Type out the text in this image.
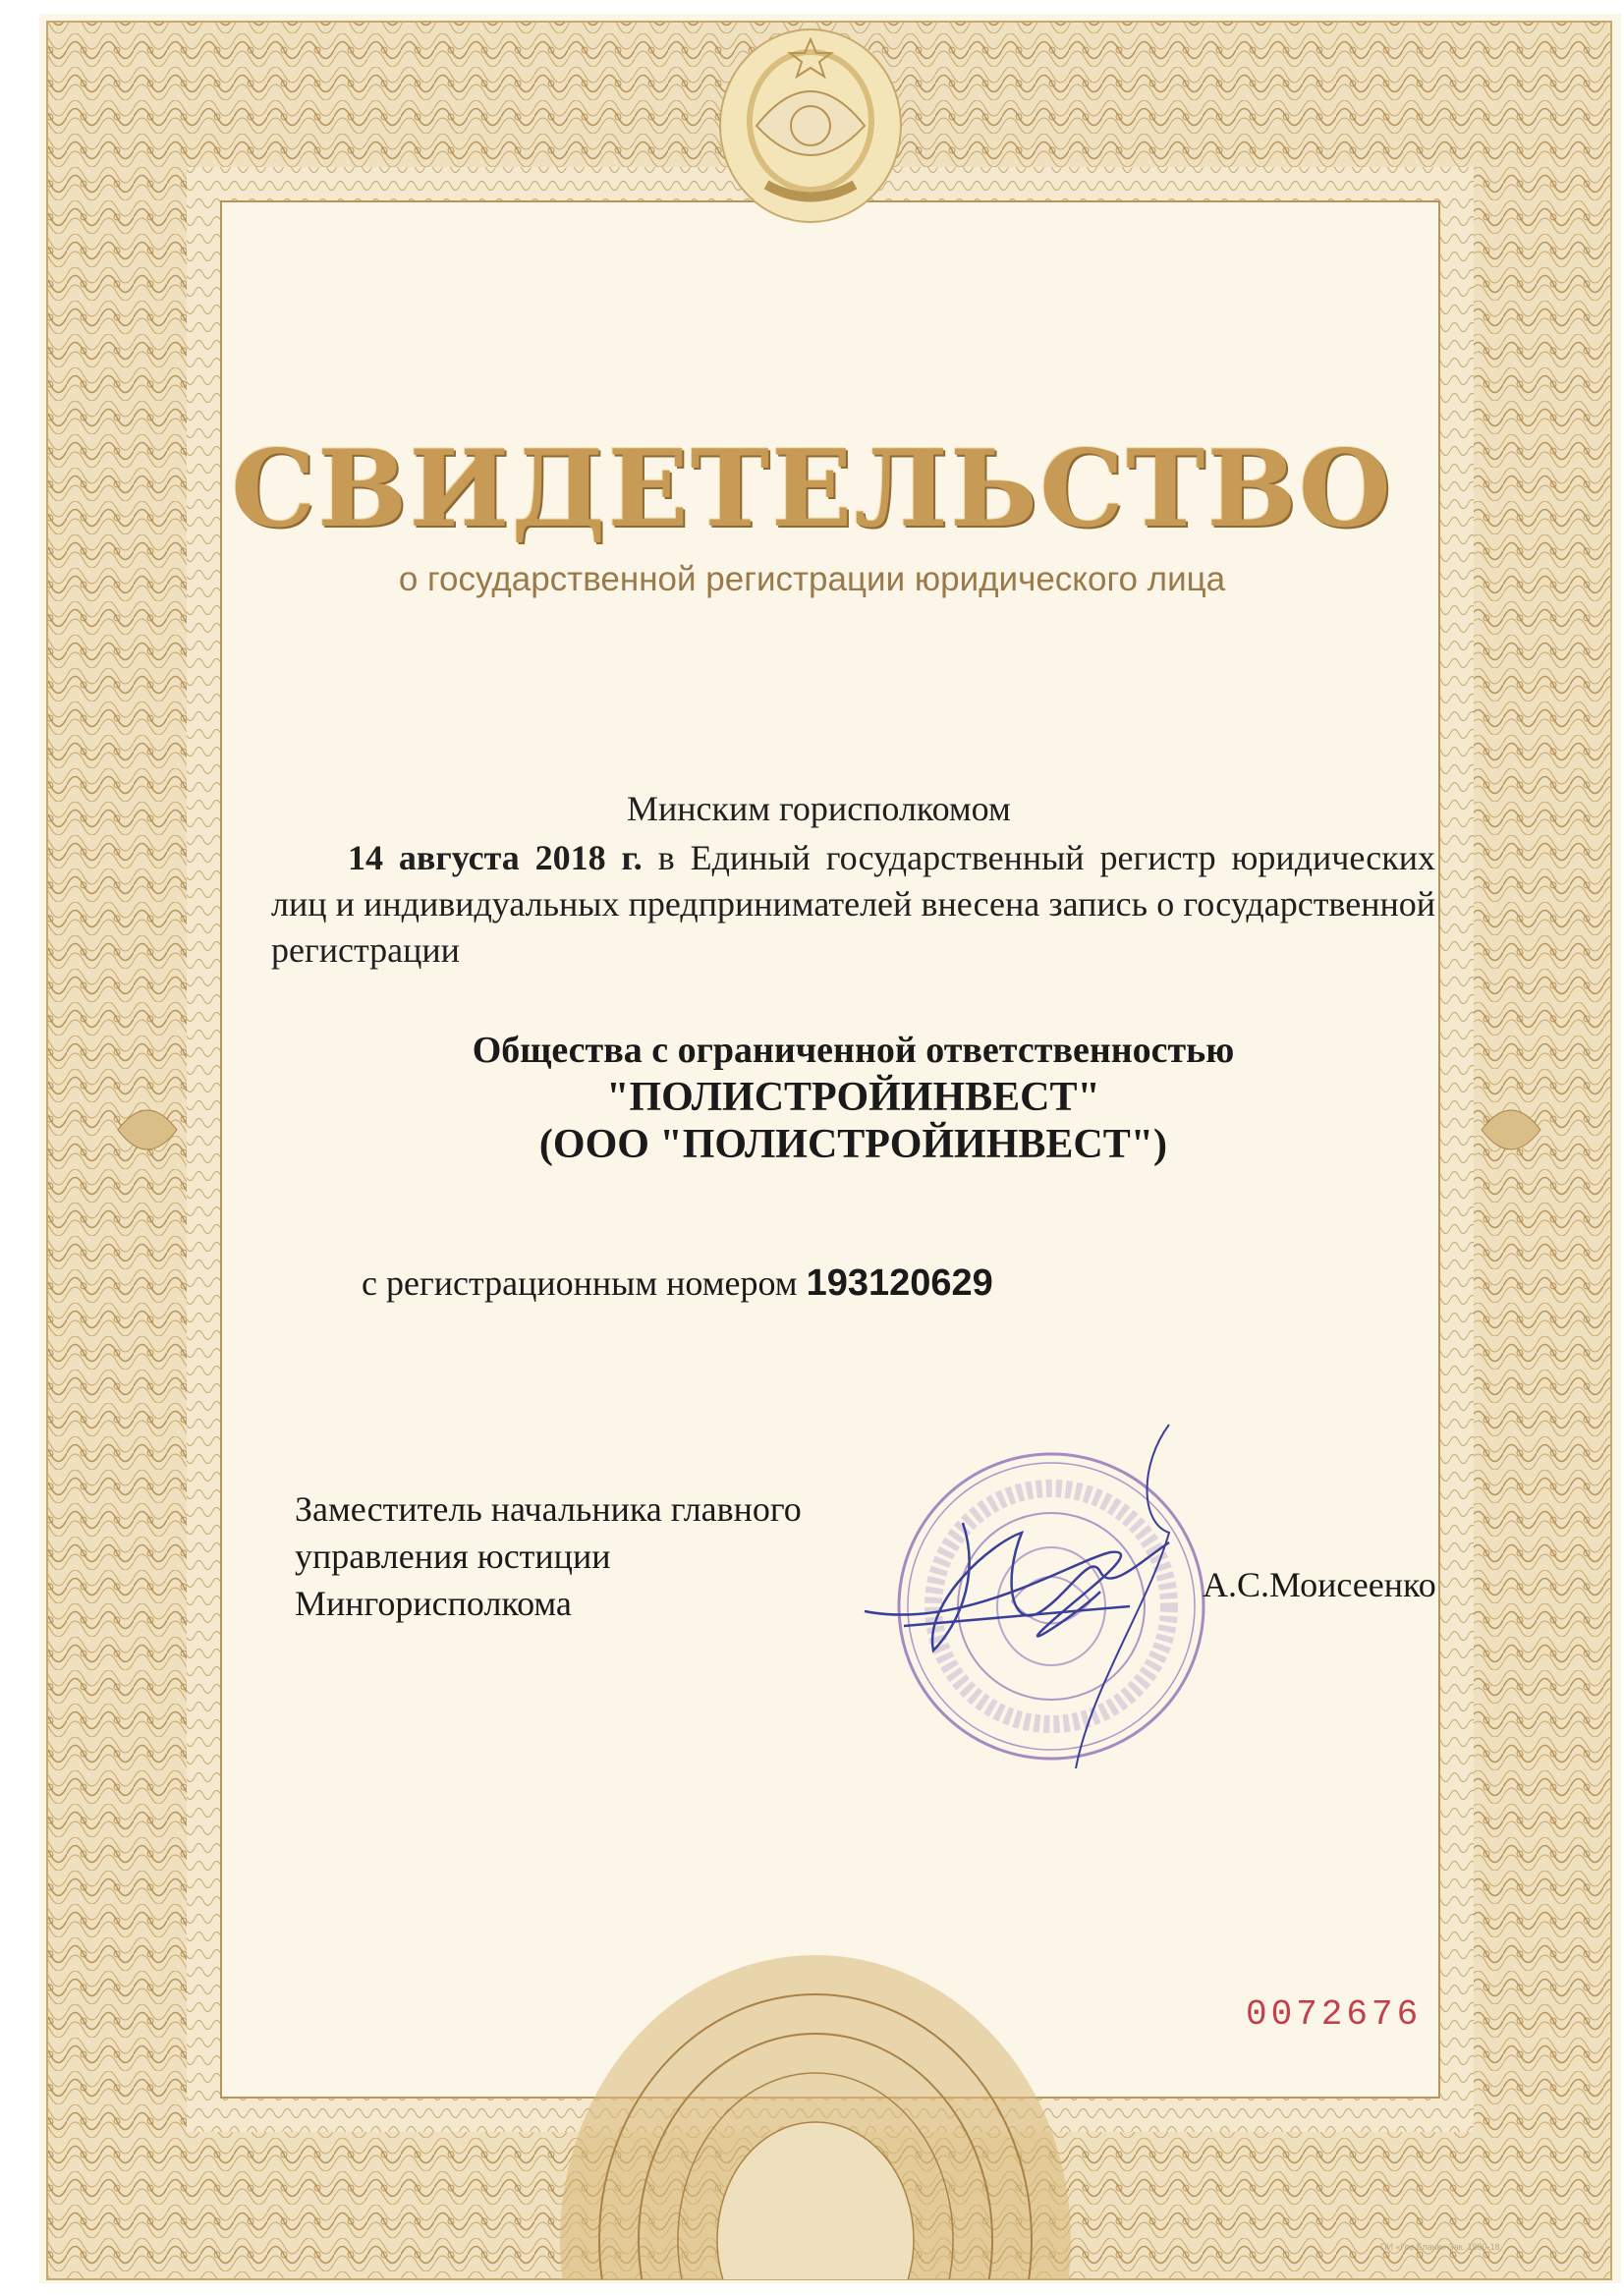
СВИДЕТЕЛЬСТВО
о государственной регистрации юридического лица
Минским горисполкомом
14 августа 2018 г. в Единый государственный регистр юридических лиц и индивидуальных предпринимателей внесена запись о государственной регистрации
Общества с ограниченной ответственностью
"ПОЛИСТРОЙИНВЕСТ"
(ООО "ПОЛИСТРОЙИНВЕСТ")
с регистрационным номером 193120629
Заместитель начальника главного
управления юстиции
Мингорисполкома	А.С.Моисеенко
0072676
ПИ «Гос.Бланк» Зак. 1990-18
